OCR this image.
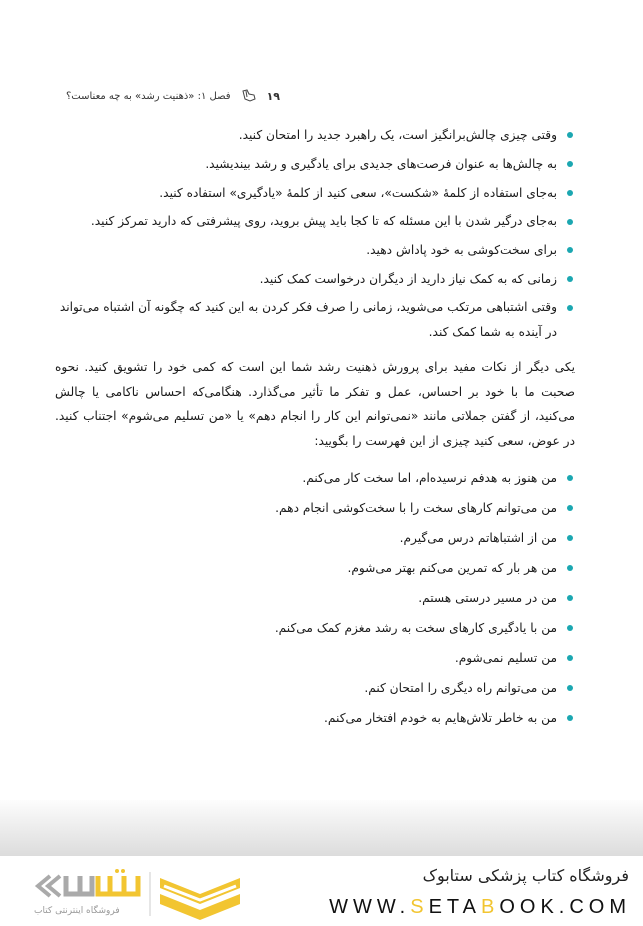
فصل ۱: «ذهنیت رشد» به چه معناست؟	۱۹
وقتی چیزی چالش‌برانگیز است، یک راهبرد جدید را امتحان کنید.
به چالش‌ها به عنوان فرصت‌های جدیدی برای یادگیری و رشد بیندیشید.
به‌جای استفاده از کلمهٔ «شکست»، سعی کنید از کلمهٔ «یادگیری» استفاده کنید.
به‌جای درگیر شدن با این مسئله که تا کجا باید پیش بروید، روی پیشرفتی که دارید تمرکز کنید.
برای سخت‌کوشی به خود پاداش دهید.
زمانی که به کمک نیاز دارید از دیگران درخواست کمک کنید.
وقتی اشتباهی مرتکب می‌شوید، زمانی را صرف فکر کردن به این کنید که چگونه آن اشتباه می‌تواند در آینده به شما کمک کند.

یکی دیگر از نکات مفید برای پرورش ذهنیت رشد شما این است که کمی خود را تشویق کنید. نحوه صحبت ما با خود بر احساس، عمل و تفکر ما تأثیر می‌گذارد. هنگامی‌که احساس ناکامی یا چالش می‌کنید، از گفتن جملاتی مانند «نمی‌توانم این کار را انجام دهم» یا «من تسلیم می‌شوم» اجتناب کنید. در عوض، سعی کنید چیزی از این فهرست را بگویید:

من هنوز به هدفم نرسیده‌ام، اما سخت کار می‌کنم.
من می‌توانم کارهای سخت را با سخت‌کوشی انجام دهم.
من از اشتباهاتم درس می‌گیرم.
من هر بار که تمرین می‌کنم بهتر می‌شوم.
من در مسیر درستی هستم.
من با یادگیری کارهای سخت به رشد مغزم کمک می‌کنم.
من تسلیم نمی‌شوم.
من می‌توانم راه دیگری را امتحان کنم.
من به خاطر تلاش‌هایم به خودم افتخار می‌کنم.
فروشگاه کتاب پزشکی ستابوک
WWW.SETABOOK.COM
فروشگاه اینترنتی کتاب
